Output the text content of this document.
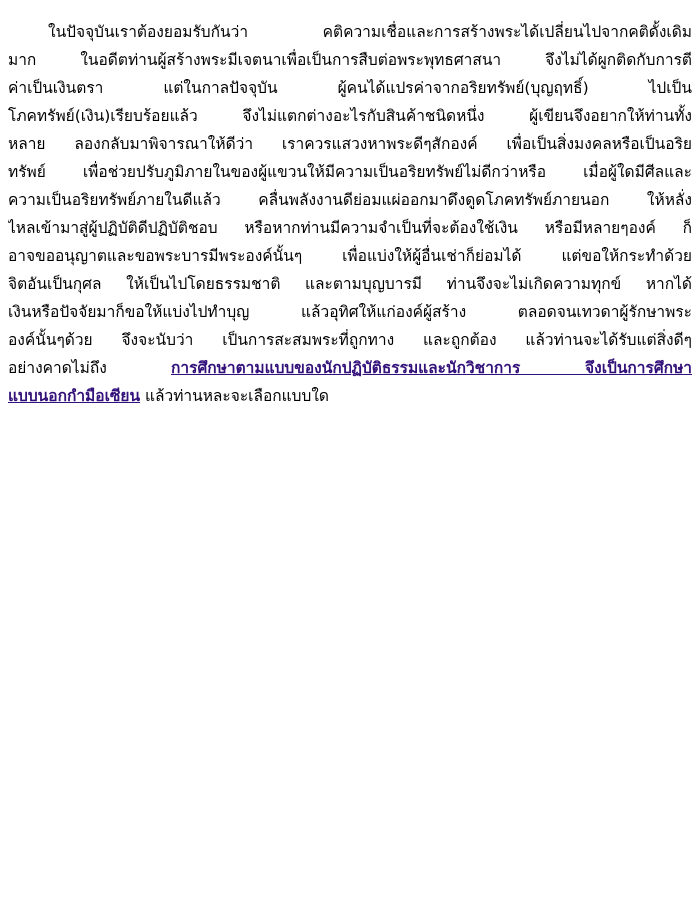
ในปัจจุบันเราต้องยอมรับกันว่า คติความเชื่อและการสร้างพระได้เปลี่ยนไปจากคติดั้งเดิม
มาก ในอดีตท่านผู้สร้างพระมีเจตนาเพื่อเป็นการสืบต่อพระพุทธศาสนา จึงไม่ได้ผูกติดกับการตี
ค่าเป็นเงินตรา แต่ในกาลปัจจุบัน ผู้คนได้แปรค่าจากอริยทรัพย์(บุญฤทธิ์) ไปเป็น
โภคทรัพย์(เงิน)เรียบร้อยแล้ว จึงไม่แตกต่างอะไรกับสินค้าชนิดหนึ่ง ผู้เขียนจึงอยากให้ท่านทั้ง
หลาย ลองกลับมาพิจารณาให้ดีว่า เราควรแสวงหาพระดีๆสักองค์ เพื่อเป็นสิ่งมงคลหรือเป็นอริย
ทรัพย์ เพื่อช่วยปรับภูมิภายในของผู้แขวนให้มีความเป็นอริยทรัพย์ไม่ดีกว่าหรือ เมื่อผู้ใดมีศีลและ
ความเป็นอริยทรัพย์ภายในดีแล้ว คลื่นพลังงานดีย่อมแผ่ออกมาดึงดูดโภคทรัพย์ภายนอก ให้หลั่ง
ไหลเข้ามาสู่ผู้ปฏิบัติดีปฏิบัติชอบ หรือหากท่านมีความจำเป็นที่จะต้องใช้เงิน หรือมีหลายๆองค์ ก็
อาจขออนุญาตและขอพระบารมีพระองค์นั้นๆ เพื่อแบ่งให้ผู้อื่นเช่าก็ย่อมได้ แต่ขอให้กระทำด้วย
จิตอันเป็นกุศล ให้เป็นไปโดยธรรมชาติ และตามบุญบารมี ท่านจึงจะไม่เกิดความทุกข์ หากได้
เงินหรือปัจจัยมาก็ขอให้แบ่งไปทำบุญ แล้วอุทิศให้แก่องค์ผู้สร้าง ตลอดจนเทวดาผู้รักษาพระ
องค์นั้นๆด้วย จึงจะนับว่า เป็นการสะสมพระที่ถูกทาง และถูกต้อง แล้วท่านจะได้รับแต่สิ่งดีๆ
อย่างคาดไม่ถึง การศึกษาตามแบบของนักปฏิบัติธรรมและนักวิชาการ จึงเป็นการศึกษา
แบบนอกกำมือเซียน แล้วท่านหละจะเลือกแบบใด
